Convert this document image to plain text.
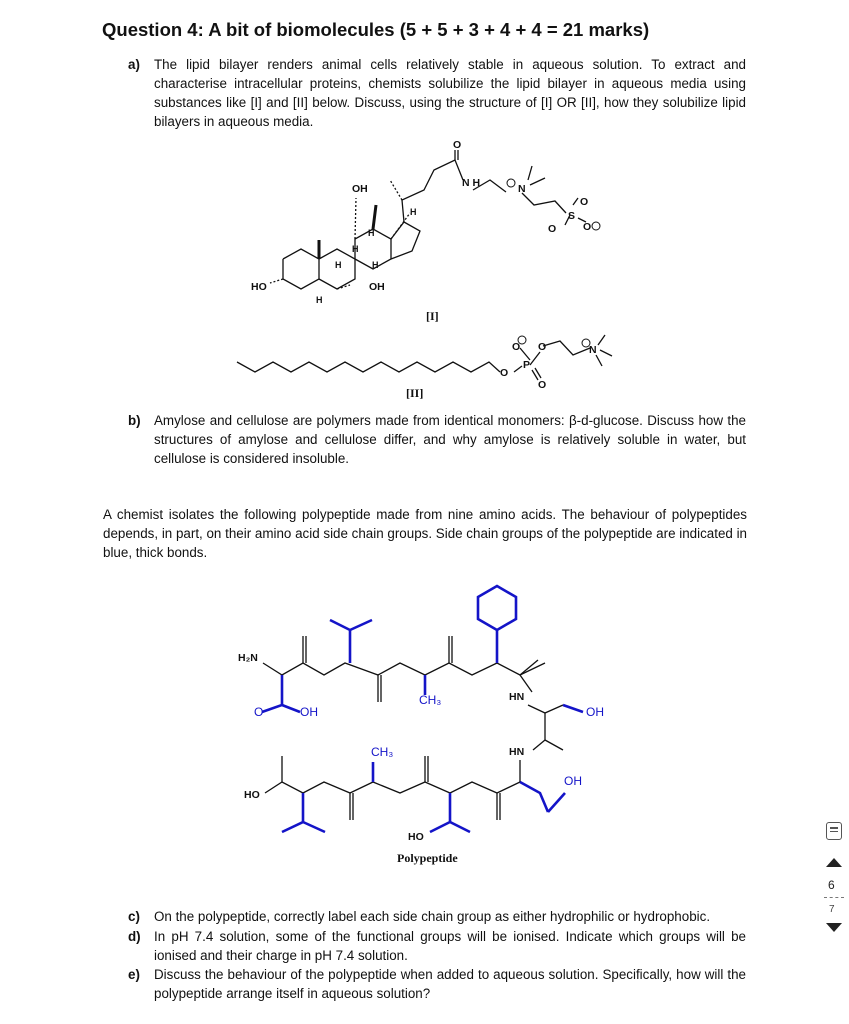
Question 4: A bit of biomolecules (5 + 5 + 3 + 4 + 4 = 21 marks)
a) The lipid bilayer renders animal cells relatively stable in aqueous solution. To extract and characterise intracellular proteins, chemists solubilize the lipid bilayer in aqueous media using substances like [I] and [II] below. Discuss, using the structure of [I] OR [II], how they solubilize lipid bilayers in aqueous media.
OH
H
H
H	H
H
H
HO	OH
O
N H	N
S
O
O
O
[I]
O
P
O O
O
N
[II]
H₂N
O	OH
CH₃	HN
OH
HN
CH₃
HO
OH
HO
Polypeptide
b) Amylose and cellulose are polymers made from identical monomers: β-d-glucose. Discuss how the structures of amylose and cellulose differ, and why amylose is relatively soluble in water, but cellulose is considered insoluble.
A chemist isolates the following polypeptide made from nine amino acids. The behaviour of polypeptides depends, in part, on their amino acid side chain groups. Side chain groups of the polypeptide are indicated in blue, thick bonds.
c) On the polypeptide, correctly label each side chain group as either hydrophilic or hydrophobic.
d) In pH 7.4 solution, some of the functional groups will be ionised. Indicate which groups will be ionised and their charge in pH 7.4 solution.
e) Discuss the behaviour of the polypeptide when added to aqueous solution. Specifically, how will the polypeptide arrange itself in aqueous solution?
6
7
